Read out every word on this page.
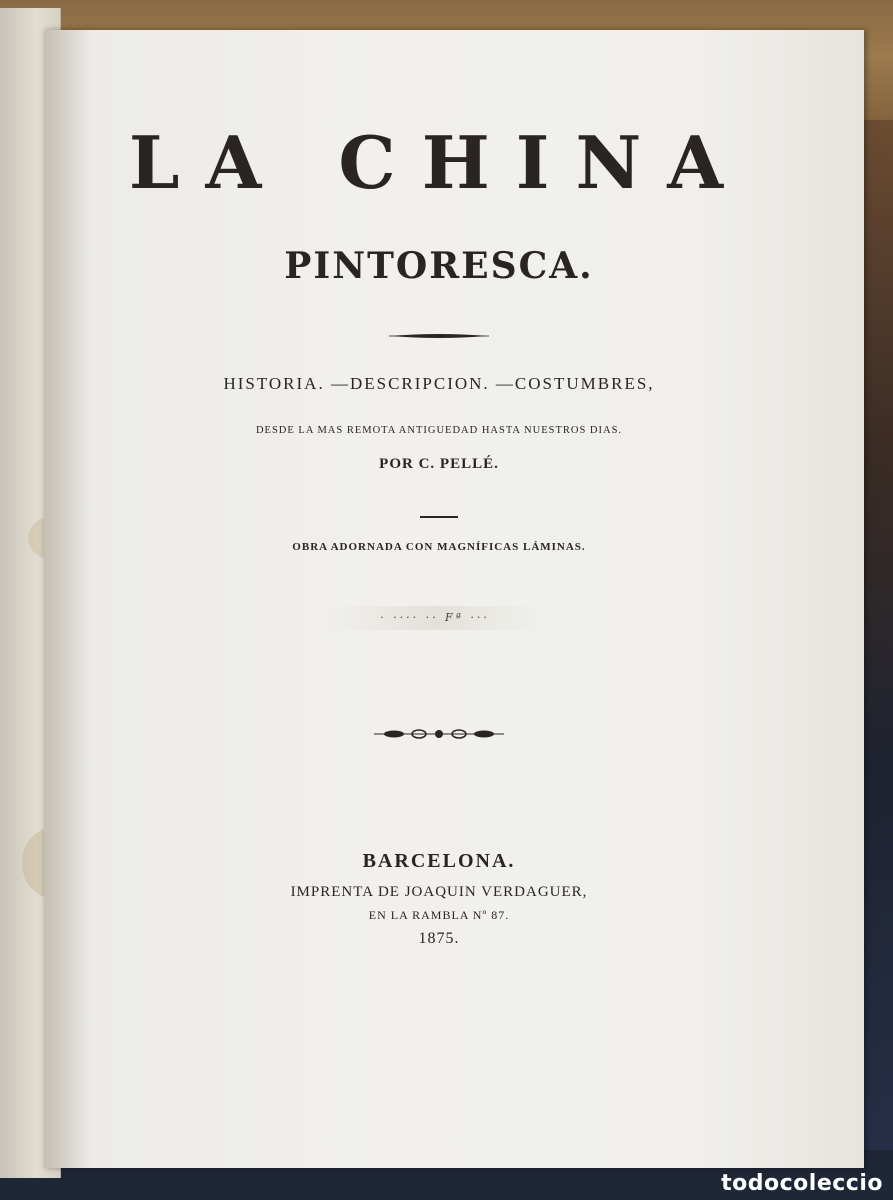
LA CHINA
PINTORESCA.
HISTORIA. —DESCRIPCION. —COSTUMBRES,
DESDE LA MAS REMOTA ANTIGUEDAD HASTA NUESTROS DIAS.
POR C. PELLÉ.
OBRA ADORNADA CON MAGNÍFICAS LÁMINAS.
· ···· ·· Fª ···
BARCELONA.
IMPRENTA DE JOAQUIN VERDAGUER,
EN LA RAMBLA Nº 87.
1875.
todocoleccio
